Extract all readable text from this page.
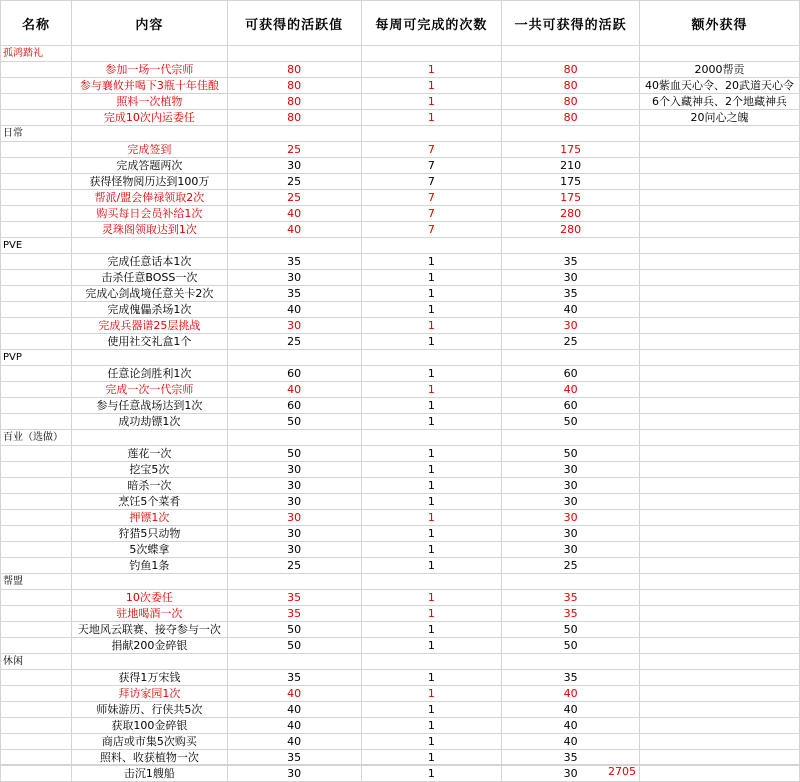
名称	内容	可获得的活跃值	每周可完成的次数	一共可获得的活跃	额外获得
孤鸿踏礼					
	参加一场一代宗师	80	1	80	2000帮贡
	参与襄攸并喝下3瓶十年佳酿	80	1	80	40紫血天心令、20武道天心令
	照料一次植物	80	1	80	6个入藏神兵、2个地藏神兵
	完成10次内运委任	80	1	80	20问心之魄
日常					
	完成签到	25	7	175	
	完成答题两次	30	7	210	
	获得怪物阅历达到100万	25	7	175	
	帮派/盟会俸禄领取2次	25	7	175	
	购买每日会员补给1次	40	7	280	
	灵珠阁领取达到1次	40	7	280	
PVE					
	完成任意话本1次	35	1	35	
	击杀任意BOSS一次	30	1	30	
	完成心剑战境任意关卡2次	35	1	35	
	完成傀儡杀场1次	40	1	40	
	完成兵器谱25层挑战	30	1	30	
	使用社交礼盒1个	25	1	25	
PVP					
	任意论剑胜利1次	60	1	60	
	完成一次一代宗师	40	1	40	
	参与任意战场达到1次	60	1	60	
	成功劫镖1次	50	1	50	
百业（选做）					
	莲花一次	50	1	50	
	挖宝5次	30	1	30	
	暗杀一次	30	1	30	
	烹饪5个菜肴	30	1	30	
	押镖1次	30	1	30	
	狩猎5只动物	30	1	30	
	5次蝶拿	30	1	30	
	钓鱼1条	25	1	25	
帮盟					
	10次委任	35	1	35	
	驻地喝酒一次	35	1	35	
	天地风云联赛、接夺参与一次	50	1	50	
	捐献200金碎银	50	1	50	
休闲					
	获得1万宋钱	35	1	35	
	拜访家园1次	40	1	40	
	师妹游历、行侠共5次	40	1	40	
	获取100金碎银	40	1	40	
	商店或市集5次购买	40	1	40	
	照料、收获植物一次	35	1	35	
	击沉1艘船	30	1	30		2705
